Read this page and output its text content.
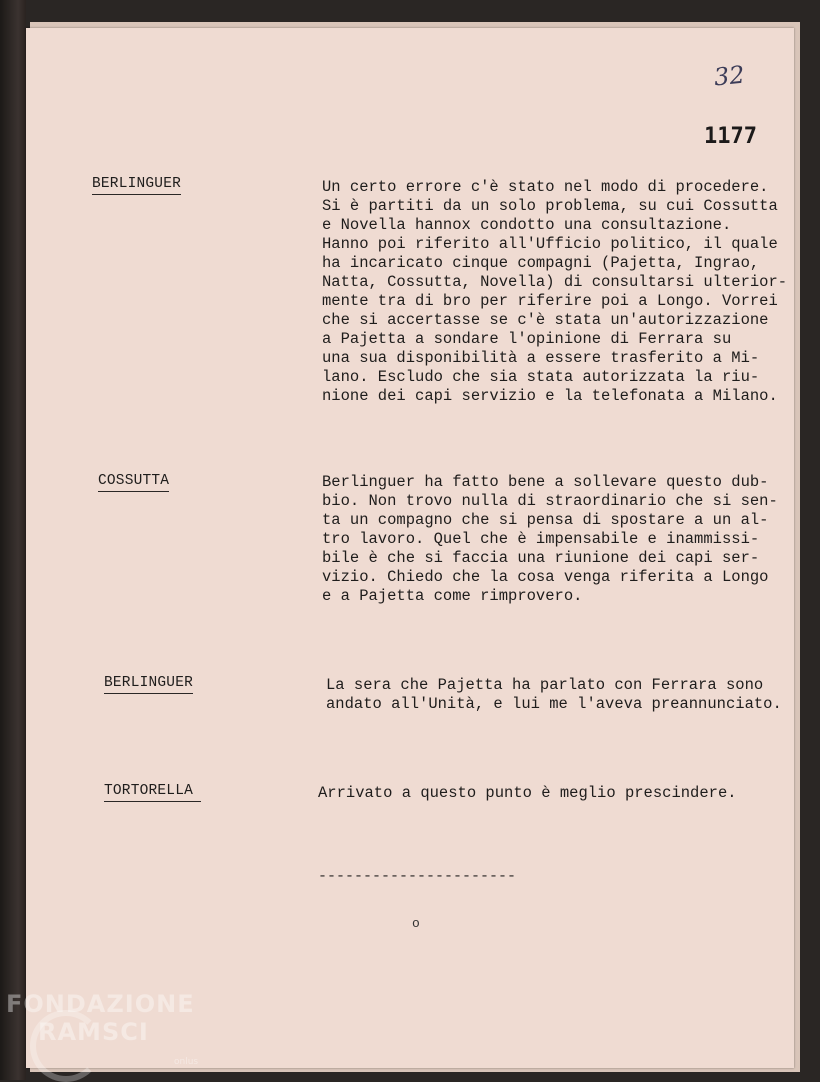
32
1177
BERLINGUER	Un certo errore c'è stato nel modo di procedere.
Si è partiti da un solo problema, su cui Cossutta
e Novella hannox condotto una consultazione.
Hanno poi riferito all'Ufficio politico, il quale
ha incaricato cinque compagni (Pajetta, Ingrao,
Natta, Cossutta, Novella) di consultarsi ulterior-
mente tra di bro per riferire poi a Longo. Vorrei
che si accertasse se c'è stata un'autorizzazione
a Pajetta a sondare l'opinione di Ferrara su
una sua disponibilità a essere trasferito a Mi-
lano. Escludo che sia stata autorizzata la riu-
nione dei capi servizio e la telefonata a Milano.
COSSUTTA	Berlinguer ha fatto bene a sollevare questo dub-
bio. Non trovo nulla di straordinario che si sen-
ta un compagno che si pensa di spostare a un al-
tro lavoro. Quel che è impensabile e inammissi-
bile è che si faccia una riunione dei capi ser-
vizio. Chiedo che la cosa venga riferita a Longo
e a Pajetta come rimprovero.
BERLINGUER	La sera che Pajetta ha parlato con Ferrara sono
andato all'Unità, e lui me l'aveva preannunciato.
TORTORELLA	Arrivato a questo punto è meglio prescindere.
----------------------
o
FONDAZIONE
RAMSCI
onlus
